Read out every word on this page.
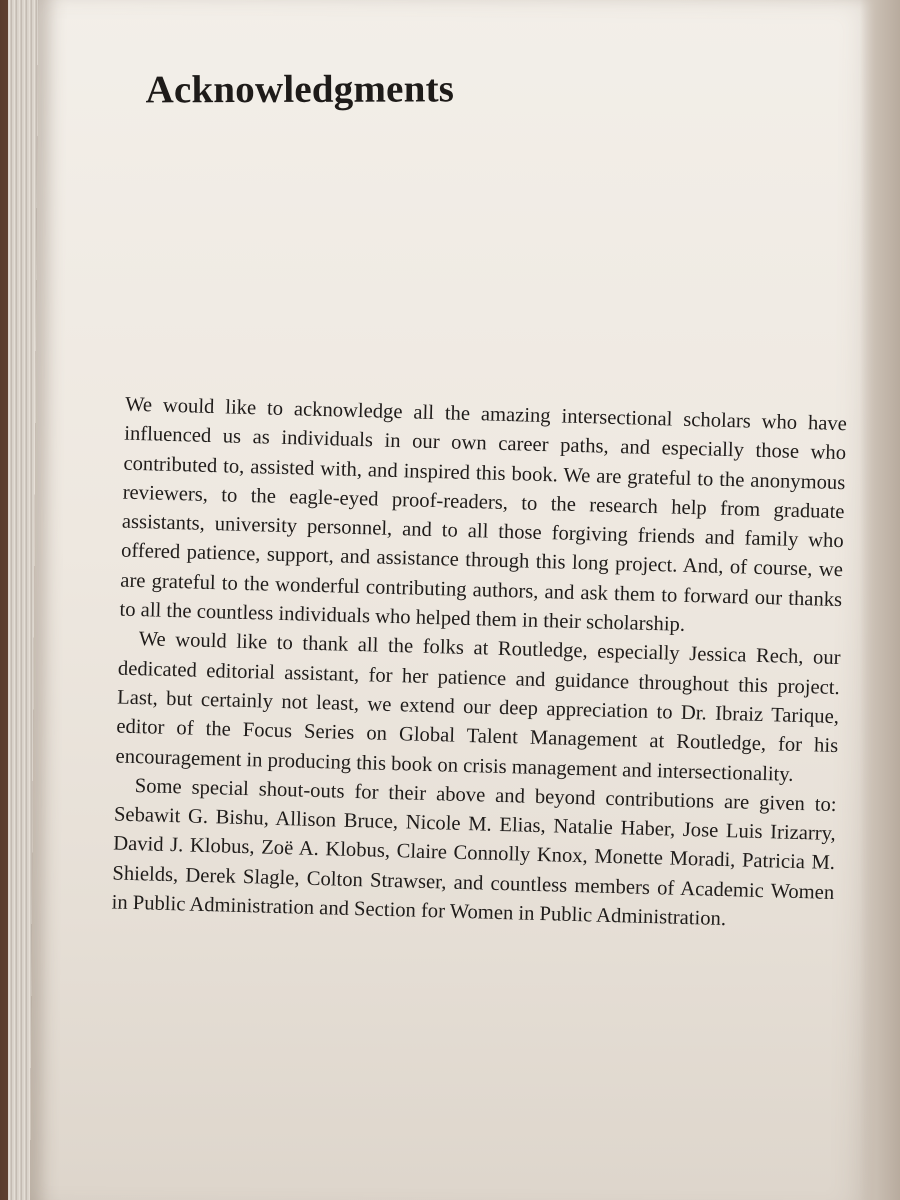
Acknowledgments

We would like to acknowledge all the amazing intersectional scholars who have influenced us as individuals in our own career paths, and especially those who contributed to, assisted with, and inspired this book. We are grateful to the anonymous reviewers, to the eagle-eyed proof-readers, to the research help from graduate assistants, university personnel, and to all those forgiving friends and family who offered patience, support, and assistance through this long project. And, of course, we are grateful to the wonderful contributing authors, and ask them to forward our thanks to all the countless individuals who helped them in their scholarship.

We would like to thank all the folks at Routledge, especially Jessica Rech, our dedicated editorial assistant, for her patience and guidance throughout this project. Last, but certainly not least, we extend our deep appreciation to Dr. Ibraiz Tarique, editor of the Focus Series on Global Talent Management at Routledge, for his encouragement in producing this book on crisis management and intersectionality.

Some special shout-outs for their above and beyond contributions are given to: Sebawit G. Bishu, Allison Bruce, Nicole M. Elias, Natalie Haber, Jose Luis Irizarry, David J. Klobus, Zoë A. Klobus, Claire Connolly Knox, Monette Moradi, Patricia M. Shields, Derek Slagle, Colton Strawser, and countless members of Academic Women in Public Administration and Section for Women in Public Administration.
